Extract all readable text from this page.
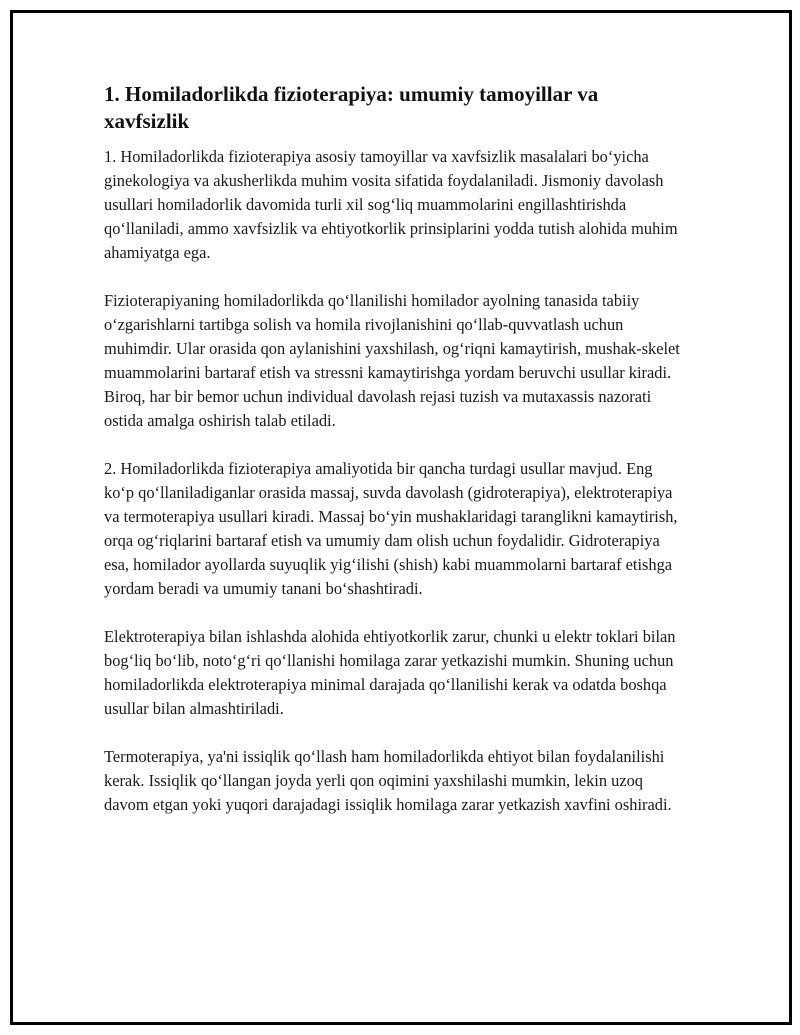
1. Homiladorlikda fizioterapiya: umumiy tamoyillar va xavfsizlik

1. Homiladorlikda fizioterapiya asosiy tamoyillar va xavfsizlik masalalari bo‘yicha ginekologiya va akusherlikda muhim vosita sifatida foydalaniladi. Jismoniy davolash usullari homiladorlik davomida turli xil sog‘liq muammolarini engillashtirishda qo‘llaniladi, ammo xavfsizlik va ehtiyotkorlik prinsiplarini yodda tutish alohida muhim ahamiyatga ega.

Fizioterapiyaning homiladorlikda qo‘llanilishi homilador ayolning tanasida tabiiy o‘zgarishlarni tartibga solish va homila rivojlanishini qo‘llab-quvvatlash uchun muhimdir. Ular orasida qon aylanishini yaxshilash, og‘riqni kamaytirish, mushak-skelet muammolarini bartaraf etish va stressni kamaytirishga yordam beruvchi usullar kiradi. Biroq, har bir bemor uchun individual davolash rejasi tuzish va mutaxassis nazorati ostida amalga oshirish talab etiladi.

2. Homiladorlikda fizioterapiya amaliyotida bir qancha turdagi usullar mavjud. Eng ko‘p qo‘llaniladiganlar orasida massaj, suvda davolash (gidroterapiya), elektroterapiya va termoterapiya usullari kiradi. Massaj bo‘yin mushaklaridagi taranglikni kamaytirish, orqa og‘riqlarini bartaraf etish va umumiy dam olish uchun foydalidir. Gidroterapiya esa, homilador ayollarda suyuqlik yig‘ilishi (shish) kabi muammolarni bartaraf etishga yordam beradi va umumiy tanani bo‘shashtiradi.

Elektroterapiya bilan ishlashda alohida ehtiyotkorlik zarur, chunki u elektr toklari bilan bog‘liq bo‘lib, noto‘g‘ri qo‘llanishi homilaga zarar yetkazishi mumkin. Shuning uchun homiladorlikda elektroterapiya minimal darajada qo‘llanilishi kerak va odatda boshqa usullar bilan almashtiriladi.

Termoterapiya, ya'ni issiqlik qo‘llash ham homiladorlikda ehtiyot bilan foydalanilishi kerak. Issiqlik qo‘llangan joyda yerli qon oqimini yaxshilashi mumkin, lekin uzoq davom etgan yoki yuqori darajadagi issiqlik homilaga zarar yetkazish xavfini oshiradi.
